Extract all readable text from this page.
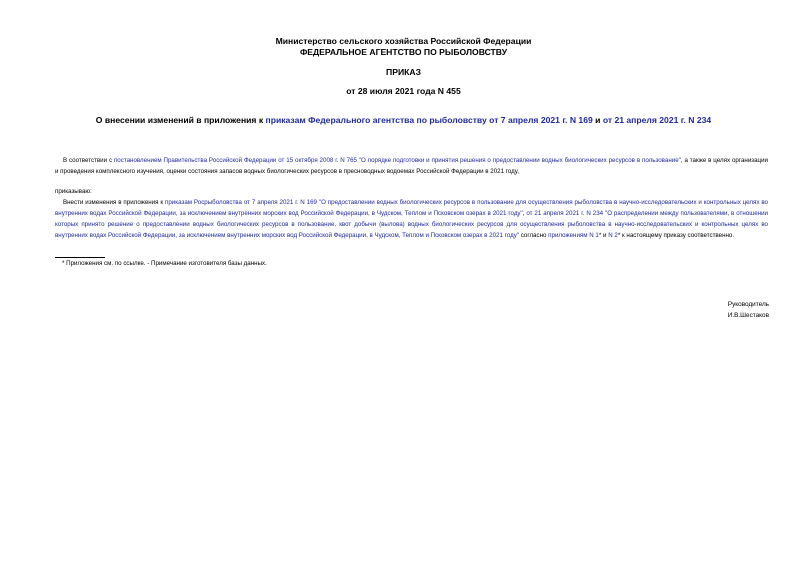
Министерство сельского хозяйства Российской Федерации
ФЕДЕРАЛЬНОЕ АГЕНТСТВО ПО РЫБОЛОВСТВУ
ПРИКАЗ
от 28 июля 2021 года N 455
О внесении изменений в приложения к приказам Федерального агентства по рыболовству от 7 апреля 2021 г. N 169 и от 21 апреля 2021 г. N 234
В соответствии с постановлением Правительства Российской Федерации от 15 октября 2008 г. N 765 "О порядке подготовки и принятия решения о предоставлении водных биологических ресурсов в пользование", а также в целях организации и проведения комплексного изучения, оценки состояния запасов водных биологических ресурсов в пресноводных водоемах Российской Федерации в 2021 году,
приказываю:
Внести изменения в приложения к приказам Росрыболовства от 7 апреля 2021 г. N 169 "О предоставлении водных биологических ресурсов в пользование для осуществления рыболовства в научно-исследовательских и контрольных целях во внутренних водах Российской Федерации, за исключением внутренних морских вод Российской Федерации, в Чудском, Теплом и Псковском озерах в 2021 году", от 21 апреля 2021 г. N 234 "О распределении между пользователями, в отношении которых принято решение о предоставлении водных биологических ресурсов в пользование, квот добычи (вылова) водных биологических ресурсов для осуществления рыболовства в научно-исследовательских и контрольных целях во внутренних водах Российской Федерации, за исключением внутренних морских вод Российской Федерации, в Чудском, Теплом и Псковском озерах в 2021 году" согласно приложениям N 1* и N 2* к настоящему приказу соответственно.
* Приложения см. по ссылке. - Примечание изготовителя базы данных.
Руководитель
И.В.Шестаков
